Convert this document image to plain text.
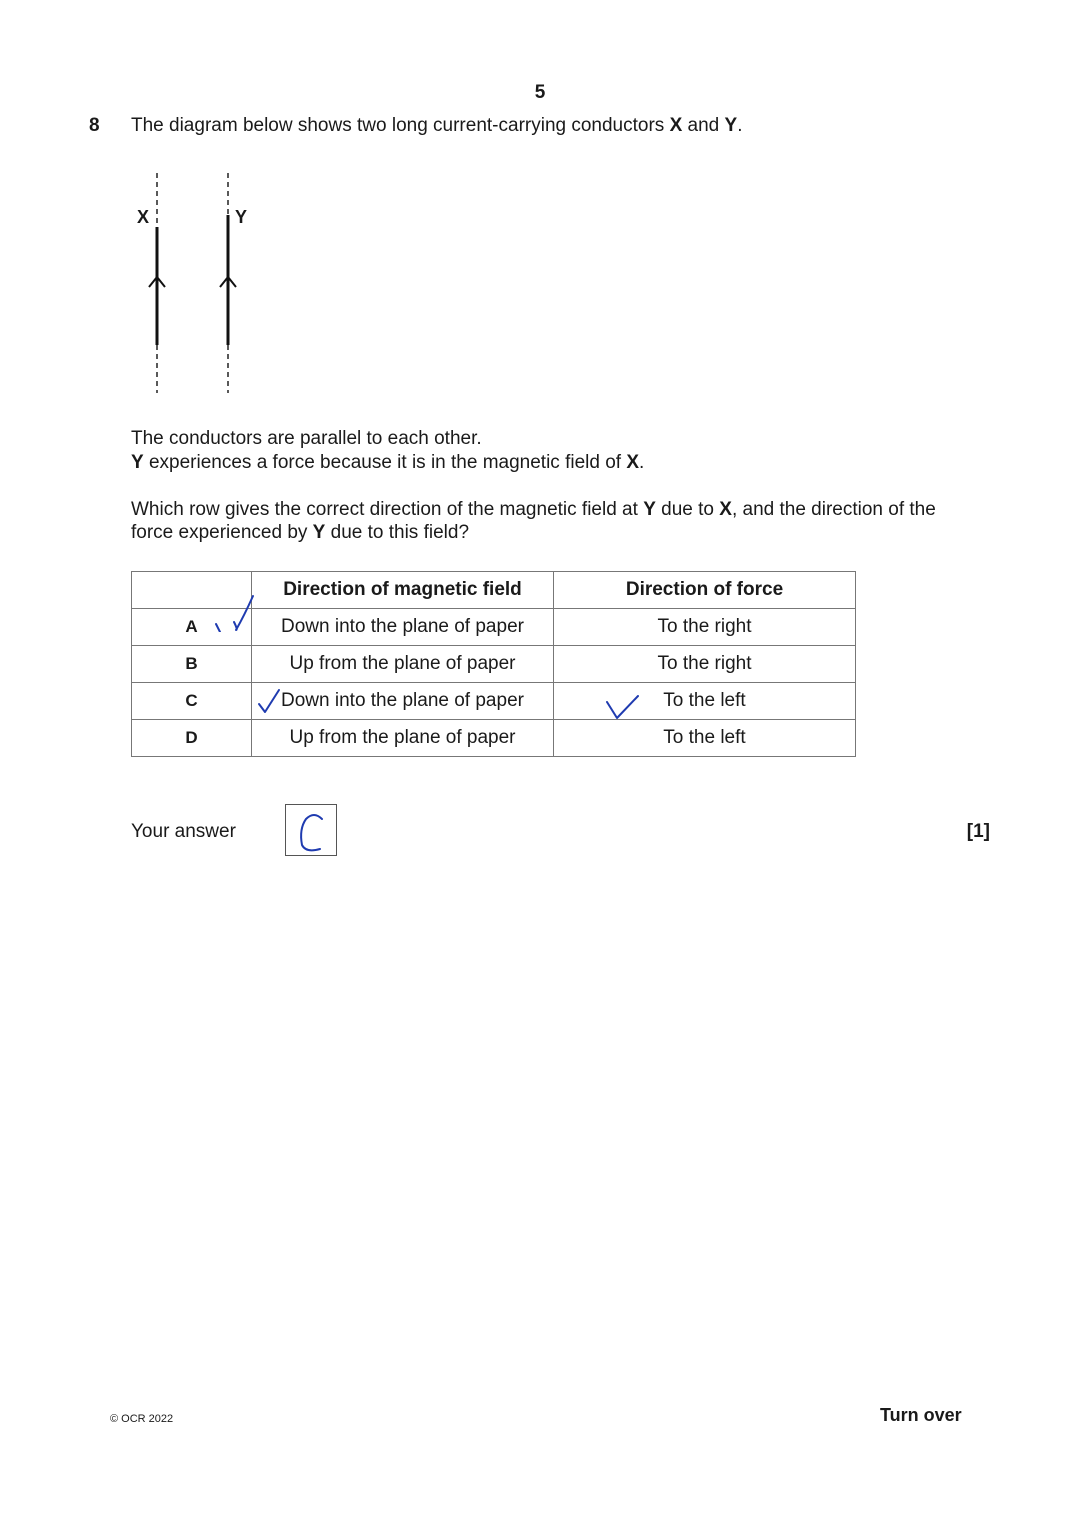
5
8 The diagram below shows two long current-carrying conductors X and Y.
X	Y
The conductors are parallel to each other.
Y experiences a force because it is in the magnetic field of X.
Which row gives the correct direction of the magnetic field at Y due to X, and the direction of the
force experienced by Y due to this field?
	Direction of magnetic field	Direction of force
A	Down into the plane of paper	To the right
B	Up from the plane of paper	To the right
C	Down into the plane of paper	To the left
D	Up from the plane of paper	To the left
Your answer	[1]
© OCR 2022	Turn over
